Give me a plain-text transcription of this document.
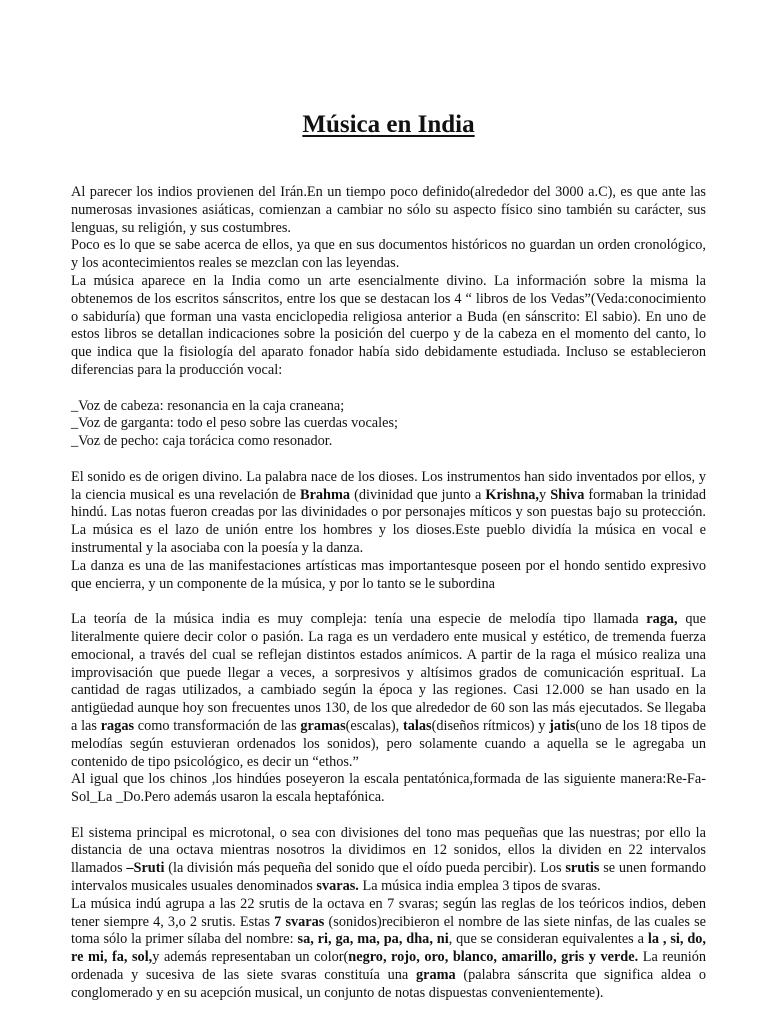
Música en India

Al parecer los indios provienen del Irán.En un tiempo poco definido(alrededor del 3000 a.C), es que ante las numerosas invasiones asiáticas, comienzan a cambiar no sólo su aspecto físico sino también su carácter, sus lenguas, su religión, y sus costumbres.

Poco es lo que se sabe acerca de ellos, ya que en sus documentos históricos no guardan un orden cronológico, y los acontecimientos reales se mezclan con las leyendas.

La música aparece en la India como un arte esencialmente divino. La información sobre la misma la obtenemos de los escritos sánscritos, entre los que se destacan los 4 “ libros de los Vedas”(Veda:conocimiento o sabiduría) que forman una vasta enciclopedia religiosa anterior a Buda (en sánscrito: El sabio). En uno de estos libros se detallan indicaciones sobre la posición del cuerpo y de la cabeza en el momento del canto, lo que indica que la fisiología del aparato fonador había sido debidamente estudiada. Incluso se establecieron diferencias para la producción vocal:

_Voz de cabeza: resonancia en la caja craneana;

_Voz de garganta: todo el peso sobre las cuerdas vocales;

_Voz de pecho: caja torácica como resonador.

El sonido es de origen divino. La palabra nace de los dioses. Los instrumentos han sido inventados por ellos, y la ciencia musical es una revelación de Brahma (divinidad que junto a Krishna,y Shiva formaban la trinidad hindú. Las notas fueron creadas por las divinidades o por personajes míticos y son puestas bajo su protección. La música es el lazo de unión entre los hombres y los dioses.Este pueblo dividía la música en vocal e instrumental y la asociaba con la poesía y la danza.

La danza es una de las manifestaciones artísticas mas importantesque poseen por el hondo sentido expresivo que encierra, y un componente de la música, y por lo tanto se le subordina

La teoría de la música india es muy compleja: tenía una especie de melodía tipo llamada raga, que literalmente quiere decir color o pasión. La raga es un verdadero ente musical y estético, de tremenda fuerza emocional, a través del cual se reflejan distintos estados anímicos. A partir de la raga el músico realiza una improvisación que puede llegar a veces, a sorpresivos y altísimos grados de comunicación esprituaI. La cantidad de ragas utilizados, a cambiado según la época y las regiones. Casi 12.000 se han usado en la antigüedad aunque hoy son frecuentes unos 130, de los que alrededor de 60 son las más ejecutados. Se llegaba a las ragas como transformación de las gramas(escalas), talas(diseños rítmicos) y jatis(uno de los 18 tipos de melodías según estuvieran ordenados los sonidos), pero solamente cuando a aquella se le agregaba un contenido de tipo psicológico, es decir un “ethos.”

Al igual que los chinos ,los hindúes poseyeron la escala pentatónica,formada de las siguiente manera:Re-Fa-Sol_La _Do.Pero además usaron la escala heptafónica.

El sistema principal es microtonal, o sea con divisiones del tono mas pequeñas que las nuestras; por ello la distancia de una octava mientras nosotros la dividimos en 12 sonidos, ellos la dividen en 22 intervalos llamados –Sruti (la división más pequeña del sonido que el oído pueda percibir). Los srutis se unen formando intervalos musicales usuales denominados svaras. La música india emplea 3 tipos de svaras.

La música indú agrupa a las 22 srutis de la octava en 7 svaras; según las reglas de los teóricos indios, deben tener siempre 4, 3,o 2 srutis. Estas 7 svaras (sonidos)recibieron el nombre de las siete ninfas, de las cuales se toma sólo la primer sílaba del nombre: sa, ri, ga, ma, pa, dha, ni, que se consideran equivalentes a la , si, do, re mi, fa, sol,y además representaban un color(negro, rojo, oro, blanco, amarillo, gris y verde. La reunión ordenada y sucesiva de las siete svaras constituía una grama (palabra sánscrita que significa aldea o conglomerado y en su acepción musical, un conjunto de notas dispuestas convenientemente).
